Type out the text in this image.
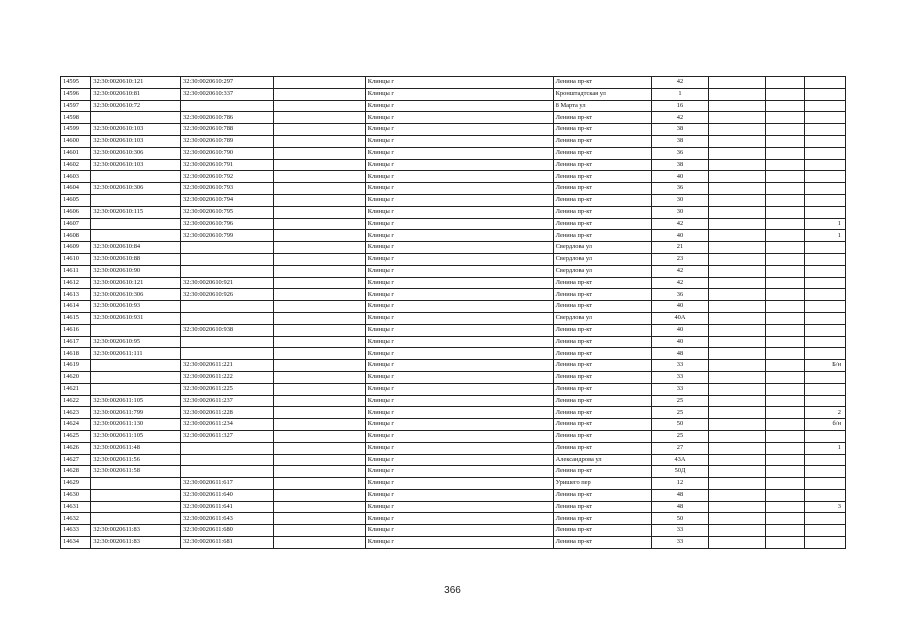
14595	32:30:0020610:121	32:30:0020610:297		Клинцы г	Ленина пр-кт	42			
14596	32:30:0020610:81	32:30:0020610:337		Клинцы г	Кронштадтская ул	1			
14597	32:30:0020610:72			Клинцы г	8 Марта ул	16			
14598		32:30:0020610:786		Клинцы г	Ленина пр-кт	42			
14599	32:30:0020610:103	32:30:0020610:788		Клинцы г	Ленина пр-кт	38			
14600	32:30:0020610:103	32:30:0020610:789		Клинцы г	Ленина пр-кт	38			
14601	32:30:0020610:306	32:30:0020610:790		Клинцы г	Ленина пр-кт	36			
14602	32:30:0020610:103	32:30:0020610:791		Клинцы г	Ленина пр-кт	38			
14603		32:30:0020610:792		Клинцы г	Ленина пр-кт	40			
14604	32:30:0020610:306	32:30:0020610:793		Клинцы г	Ленина пр-кт	36			
14605		32:30:0020610:794		Клинцы г	Ленина пр-кт	30			
14606	32:30:0020610:115	32:30:0020610:795		Клинцы г	Ленина пр-кт	30			
14607		32:30:0020610:796		Клинцы г	Ленина пр-кт	42			1
14608		32:30:0020610:799		Клинцы г	Ленина пр-кт	40			1
14609	32:30:0020610:84			Клинцы г	Свердлова ул	21			
14610	32:30:0020610:88			Клинцы г	Свердлова ул	23			
14611	32:30:0020610:90			Клинцы г	Свердлова ул	42			
14612	32:30:0020610:121	32:30:0020610:921		Клинцы г	Ленина пр-кт	42			
14613	32:30:0020610:306	32:30:0020610:926		Клинцы г	Ленина пр-кт	36			
14614	32:30:0020610:93			Клинцы г	Ленина пр-кт	40			
14615	32:30:0020610:931			Клинцы г	Свердлова ул	40А			
14616		32:30:0020610:938		Клинцы г	Ленина пр-кт	40			
14617	32:30:0020610:95			Клинцы г	Ленина пр-кт	40			
14618	32:30:0020611:111			Клинцы г	Ленина пр-кт	48			
14619		32:30:0020611:221		Клинцы г	Ленина пр-кт	33			Б/н
14620		32:30:0020611:222		Клинцы г	Ленина пр-кт	33			
14621		32:30:0020611:225		Клинцы г	Ленина пр-кт	33			
14622	32:30:0020611:105	32:30:0020611:237		Клинцы г	Ленина пр-кт	25			
14623	32:30:0020611:799	32:30:0020611:228		Клинцы г	Ленина пр-кт	25			2
14624	32:30:0020611:130	32:30:0020611:234		Клинцы г	Ленина пр-кт	50			б/н
14625	32:30:0020611:105	32:30:0020611:327		Клинцы г	Ленина пр-кт	25			
14626	32:30:0020611:48			Клинцы г	Ленина пр-кт	27			1
14627	32:30:0020611:56			Клинцы г	Александрова ул	43А			
14628	32:30:0020611:58			Клинцы г	Ленина пр-кт	50Д			
14629		32:30:0020611:617		Клинцы г	Уришего пер	12			
14630		32:30:0020611:640		Клинцы г	Ленина пр-кт	48			
14631		32:30:0020611:641		Клинцы г	Ленина пр-кт	48			3
14632		32:30:0020611:643		Клинцы г	Ленина пр-кт	50			
14633	32:30:0020611:83	32:30:0020611:680		Клинцы г	Ленина пр-кт	33			
14634	32:30:0020611:83	32:30:0020611:681		Клинцы г	Ленина пр-кт	33			
366
